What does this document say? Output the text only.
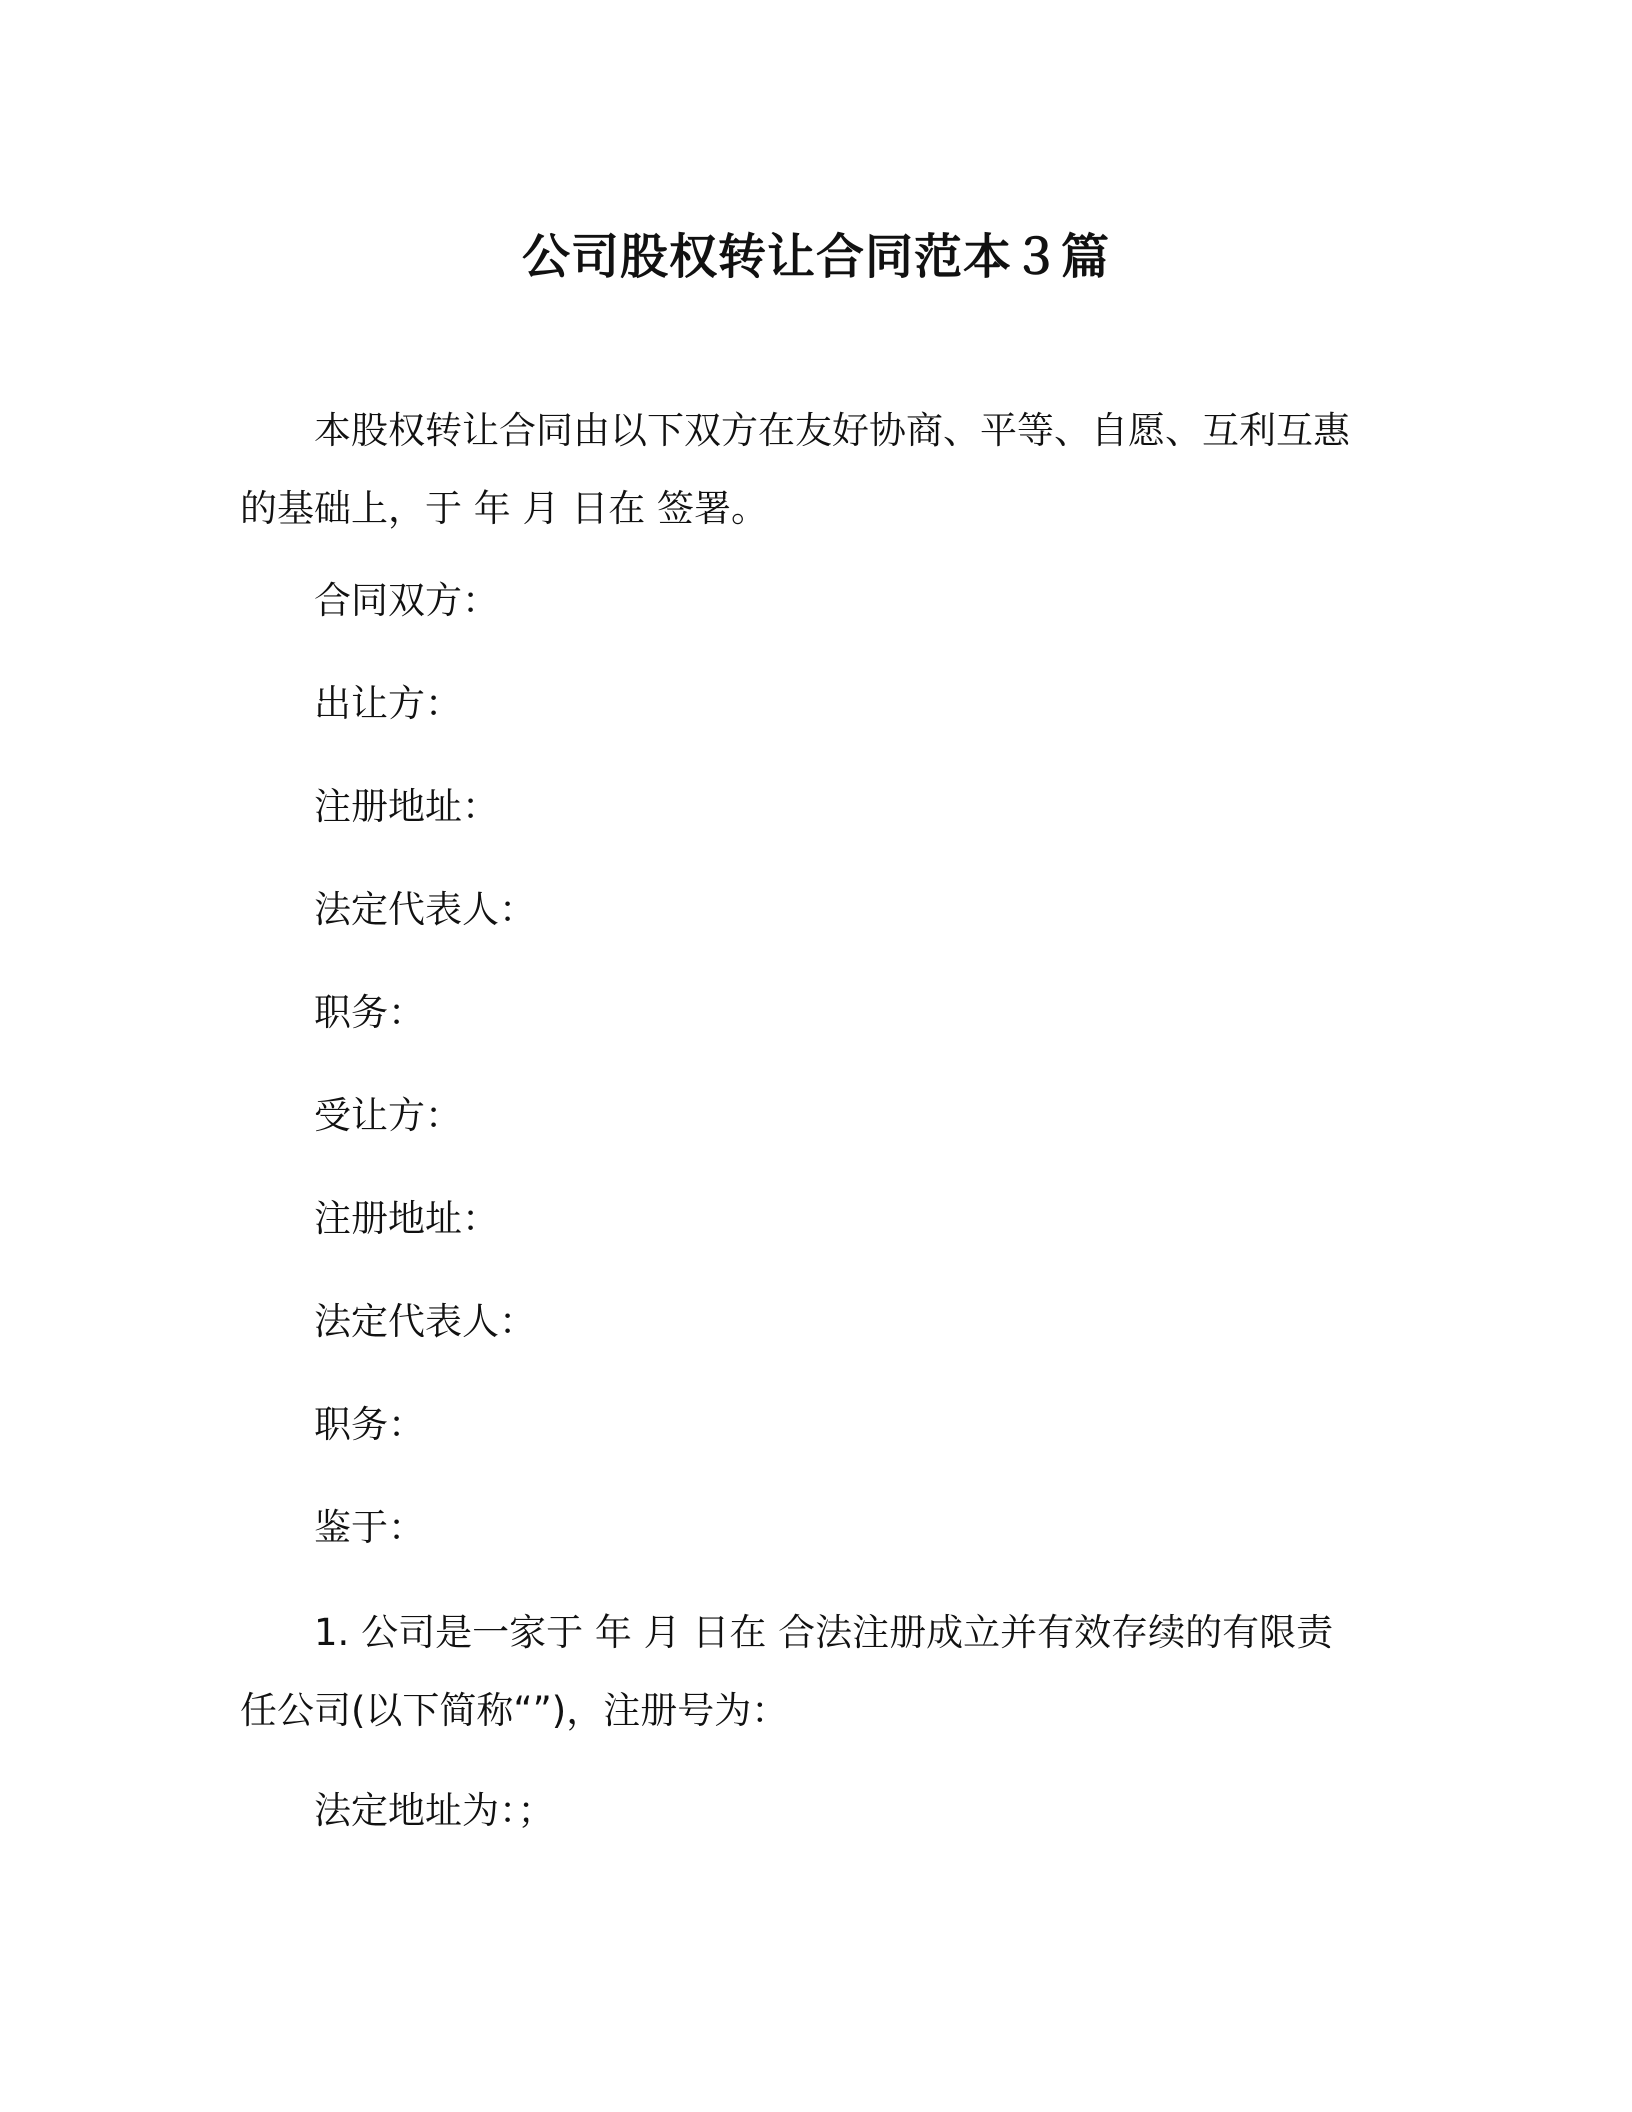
公司股权转让合同范本３篇
本股权转让合同由以下双方在友好协商、平等、自愿、互利互惠的基础上，于 年 月 日在 签署。
合同双方：
出让方：
注册地址：
法定代表人：
职务：
受让方：
注册地址：
法定代表人：
职务：
鉴于：
1. 公司是一家于 年 月 日在 合法注册成立并有效存续的有限责任公司(以下简称“”)，注册号为：
法定地址为：；
